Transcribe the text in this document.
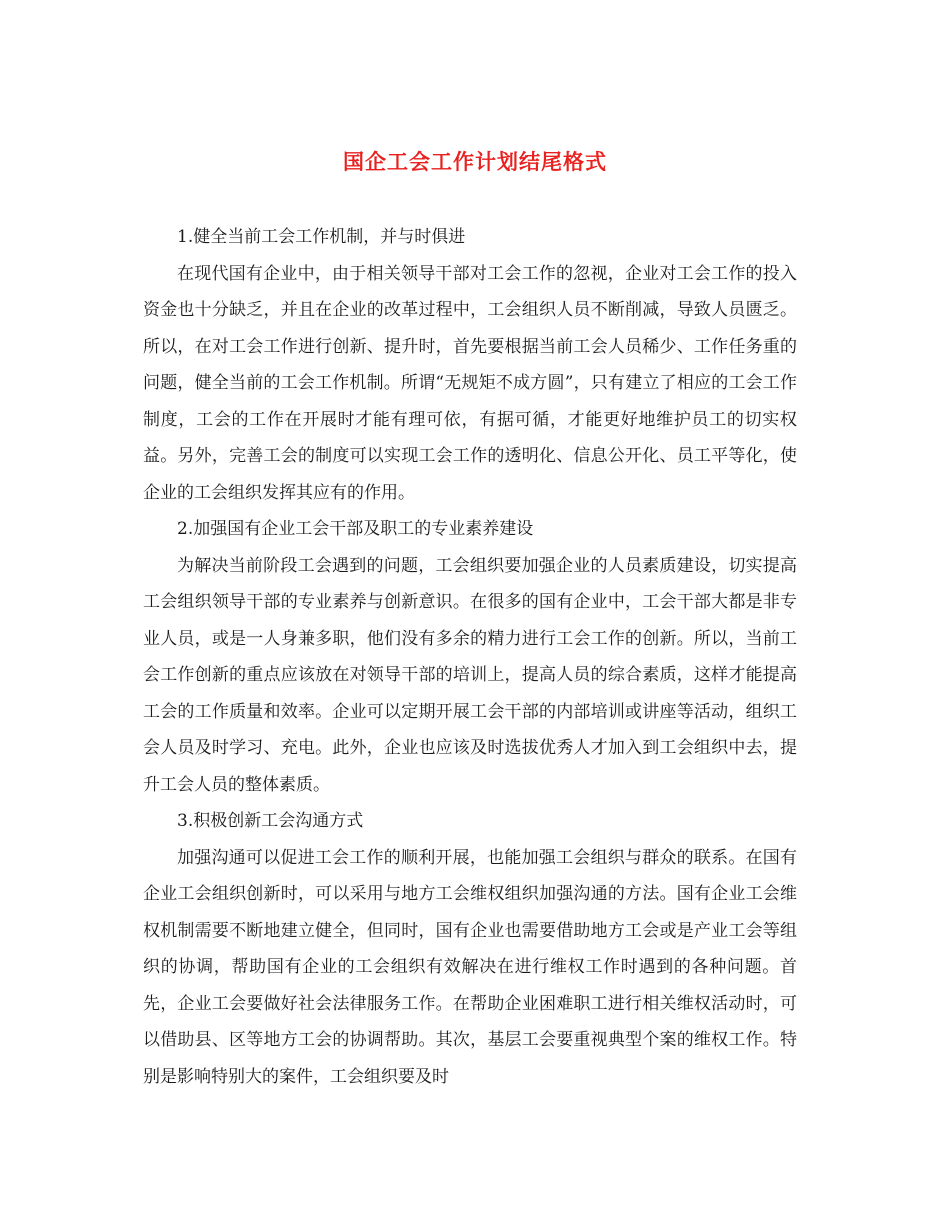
国企工会工作计划结尾格式

1.健全当前工会工作机制，并与时俱进

在现代国有企业中，由于相关领导干部对工会工作的忽视，企业对工会工作的投入资金也十分缺乏，并且在企业的改革过程中，工会组织人员不断削减，导致人员匮乏。所以，在对工会工作进行创新、提升时，首先要根据当前工会人员稀少、工作任务重的问题，健全当前的工会工作机制。所谓“无规矩不成方圆”，只有建立了相应的工会工作制度，工会的工作在开展时才能有理可依，有据可循，才能更好地维护员工的切实权益。另外，完善工会的制度可以实现工会工作的透明化、信息公开化、员工平等化，使企业的工会组织发挥其应有的作用。

2.加强国有企业工会干部及职工的专业素养建设

为解决当前阶段工会遇到的问题，工会组织要加强企业的人员素质建设，切实提高工会组织领导干部的专业素养与创新意识。在很多的国有企业中，工会干部大都是非专业人员，或是一人身兼多职，他们没有多余的精力进行工会工作的创新。所以，当前工会工作创新的重点应该放在对领导干部的培训上，提高人员的综合素质，这样才能提高工会的工作质量和效率。企业可以定期开展工会干部的内部培训或讲座等活动，组织工会人员及时学习、充电。此外，企业也应该及时选拔优秀人才加入到工会组织中去，提升工会人员的整体素质。

3.积极创新工会沟通方式

加强沟通可以促进工会工作的顺利开展，也能加强工会组织与群众的联系。在国有企业工会组织创新时，可以采用与地方工会维权组织加强沟通的方法。国有企业工会维权机制需要不断地建立健全，但同时，国有企业也需要借助地方工会或是产业工会等组织的协调，帮助国有企业的工会组织有效解决在进行维权工作时遇到的各种问题。首先，企业工会要做好社会法律服务工作。在帮助企业困难职工进行相关维权活动时，可以借助县、区等地方工会的协调帮助。其次，基层工会要重视典型个案的维权工作。特别是影响特别大的案件，工会组织要及时
